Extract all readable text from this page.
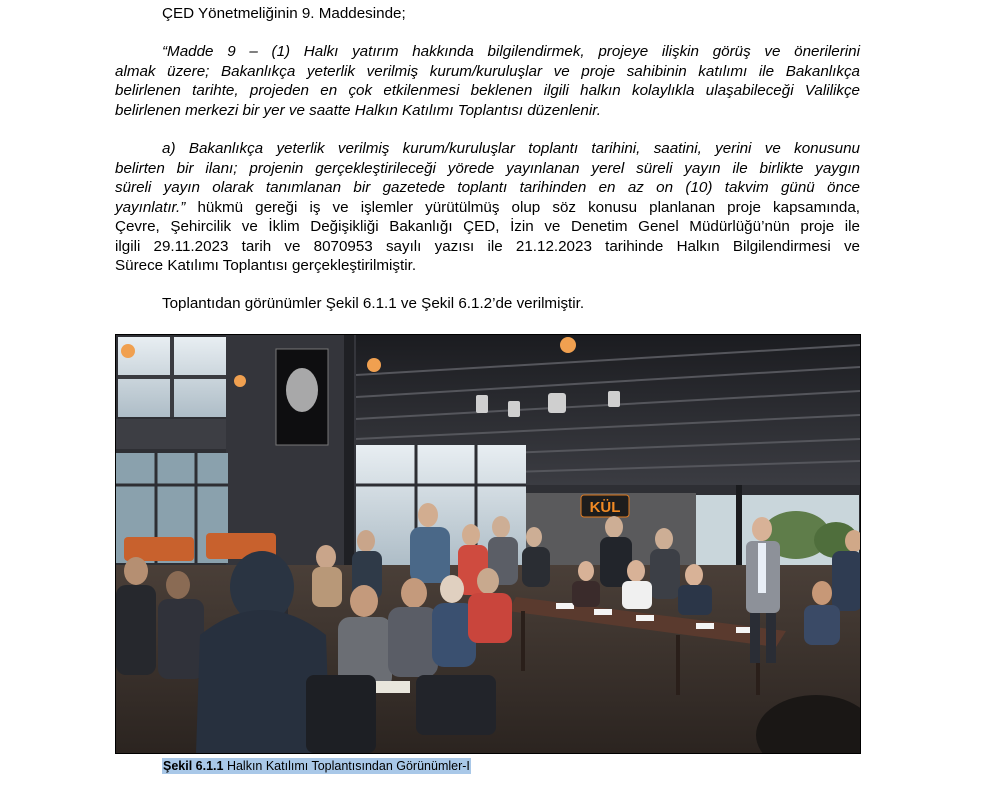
ÇED Yönetmeliğinin 9. Maddesinde;
“Madde 9 – (1) Halkı yatırım hakkında bilgilendirmek, projeye ilişkin görüş ve önerilerini
almak üzere; Bakanlıkça yeterlik verilmiş kurum/kuruluşlar ve proje sahibinin katılımı ile Bakanlıkça
belirlenen tarihte, projeden en çok etkilenmesi beklenen ilgili halkın kolaylıkla ulaşabileceği Valilikçe
belirlenen merkezi bir yer ve saatte Halkın Katılımı Toplantısı düzenlenir.
a) Bakanlıkça yeterlik verilmiş kurum/kuruluşlar toplantı tarihini, saatini, yerini ve konusunu
belirten bir ilanı; projenin gerçekleştirileceği yörede yayınlanan yerel süreli yayın ile birlikte yaygın
süreli yayın olarak tanımlanan bir gazetede toplantı tarihinden en az on (10) takvim günü önce
yayınlatır.” hükmü gereği iş ve işlemler yürütülmüş olup söz konusu planlanan proje kapsamında,
Çevre, Şehircilik ve İklim Değişikliği Bakanlığı ÇED, İzin ve Denetim Genel Müdürlüğü’nün proje ile
ilgili 29.11.2023 tarih ve 8070953 sayılı yazısı ile 21.12.2023 tarihinde Halkın Bilgilendirmesi ve
Sürece Katılımı Toplantısı gerçekleştirilmiştir.
Toplantıdan görünümler Şekil 6.1.1 ve Şekil 6.1.2’de verilmiştir.
KÜL
Şekil 6.1.1 Halkın Katılımı Toplantısından Görünümler-I
